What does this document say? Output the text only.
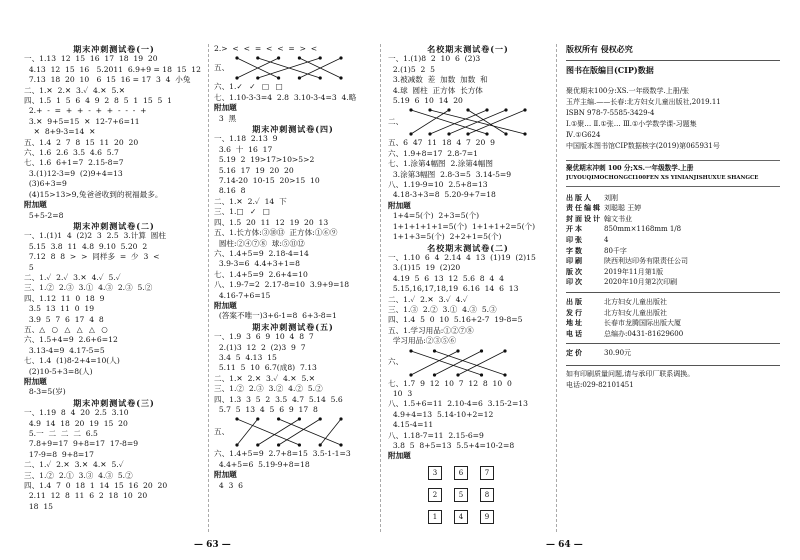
期末冲刺测试卷(一)
一、1.13  12  15  16  17  18  19  20
4.13  12  15  16   5.2011  6.9+9 = 18  15  12
7.13  18  20  10   6  15  16 = 17  3  4  小兔
二、1.✕  2.✕  3.✓  4.✕  5.✕
四、1.5  1  5  6  4  9  2  8  5  1  15  5  1
2.+  -  =  +  +  -  +  +  -  -  -  +
3.✕  9+5=15  ✕  12-7+6=11
✕  8+9-3=14  ✕
五、1.4  2  7  8  15  11  20  20
六、1.6  2.6  3.5  4.6  5.7
七、1.6  6+1=7  2.15-8=7
3.(1)12-3=9  (2)9+4=13
(3)6+3=9
(4)15>13>9,兔爸爸收到的祝福最多。
附加题
5+5-2=8
期末冲刺测试卷(二)
一、1.(1)1  4  (2)2  3  2.5  3.计算  圆柱
5.15  3.8  11  4.8  9.10  5.20  2
7.12  8  8  >  >  同样多  =  少  3  <
5
二、1.✓  2.✓  3.✕  4.✓  5.✓
三、1.②  2.③  3.①  4.③  2.③  5.②
四、1.12  11  0  18  9
3.5  13  11  0  19
3.9  5  7  6  17  4  8
五、△ ○ △ △ △ ○
六、1.5+4=9  2.6+6=12
3.13-4=9  4.17-5=5
七、1.4  (1)8-2+4=10(人)
(2)10-5+3=8(人)
附加题
8-3=5(岁)
期末冲刺测试卷(三)
一、1.19  8  4  20  2.5  3.10
4.9  14  18  20  19  15  20
5.一  二  二  二  6.5
7.8+9=17  9+8=17  17-8=9
17-9=8  9+8=17
二、1.✓  2.✕  3.✕  4.✕  5.✓
三、1.②  2.①  3.③  4.③  5.②
四、1.4  7  0  18  1  14  15  16  20  20
2.11  12  8  11  6  2  18  10  20
18  15
2.>  <  <  =  <  <  =  >  <
五、
六、1.✓ ✓ □ □
七、1.10-3-3=4  2.8  3.10-3-4=3  4.略
附加题
3  黑
期末冲刺测试卷(四)
一、1.18  2.13  9
3.6  十  16  17
5.19  2  19>17>10>5>2
5.16  17  19  20  20
7.14-20  10-15  20>15  10
8.16  8
二、1.✕  2.✓  14  下
三、1.□ ✓ □
四、1.5  20  11  12  19  20  13
五、1.长方体:③⑩⑬  正方体:①⑥⑨
圆柱:②④⑦⑧  球:⑤⑪⑫
六、1.4+5=9  2.18-4=14
3.9-3=6  4.4+3+1=8
七、1.4+5=9  2.6+4=10
八、1.9-7=2  2.17-8=10  3.9+9=18
4.16-7+6=15
附加题
(答案不唯一)3+6-1=8  6+3-8=1
期末冲刺测试卷(五)
一、1.9  3  6  9  10  4  8  7
2.(1)3  12  2  (2)3  9  7
3.4  5  4.13  15
5.11  5  10  6.7(成8)  7.13
二、1.✕  2.✕  3.✓  4.✕  5.✕
三、1.②  2.③  3.②  4.②  5.②
四、1.3  3  5  2  3.5  4.7  5.14  5.6
5.7  5  13  4  5  6  9  17  8
五、
六、1.4+5=9  2.7+8=15  3.5-1-1=3
4.4+5=6  5.19-9+8=18
附加题
4  3  6
名校期末测试卷(一)
一、1.(1)8  2  10  6  (2)3
2.(1)5  2  5
3.被减数  差  加数  加数  和
4.球  圆柱  正方体  长方体
5.19  6  10  14  20
二、
五、6  47  11  18  4  7  20  9
六、1.9+8=17  2.8-7=1
七、1.涂第4幅图  2.涂第4幅图
3.涂第3幅图  2.8-3=5  3.14-5=9
八、1.19-9=10  2.5+8=13
4.18-3+3=8  5.20-9+7=18
附加题
1+4=5(个)  2+3=5(个)
1+1+1+1+1=5(个)  1+1+1+2=5(个)
1+1+3=5(个)  2+2+1=5(个)
名校期末测试卷(二)
一、1.10  6  4  2.14  4  13  (1)19  (2)15
3.(1)15  19  (2)20
4.19  5  6  13  12  5.6  8  4  4
5.15,16,17,18,19  6.16  14  6  13
二、1.✓  2.✕  3.✓  4.✓
三、1.③  2.②  3.①  4.③  5.③
四、1.4  5  0  10  5.16+2-7  19-8=5
五、1.学习用品:①②⑦⑧
学习用品:②③⑤⑥
六、
七、1.7  9  12  10  7  12  8  10  0
10  3
八、1.5+6=11  2.10-4=6  3.15-2=13
4.9+4=13  5.14-10+2=12
4.15-4=11
八、1.18-7=11  2.15-6=9
3.8  5  8+5=13  5.5+4=10-2=8
附加题
3	6	7
2	5	8
1	4	9
版权所有 侵权必究
图书在版编目(CIP)数据
聚优期末100分:XS.一年级数学.上册/张
玉芹主编.——长春:北方妇女儿童出版社,2019.11
ISBN 978-7-5585-3429-4
Ⅰ.①聚… Ⅱ.①张… Ⅲ.①小学数学课-习题集
Ⅳ.①G624
中国版本图书馆CIP数据核字(2019)第065931号
聚优期末冲刺 100 分;XS.一年级数学.上册
JUYOUQIMOCHONGCI100FEN XS YINIANJISHUXUE SHANGCE
出版人	刘刚
责任编辑 刘聪聪 王婷
封面设计 翰文书业
开本	850mm×1168mm 1/8
印张	4
字数	80千字
印刷	陕西利达印务有限责任公司
版次	2019年11月第1版
印次	2020年10月第2次印刷
出版	北方妇女儿童出版社
发行	北方妇女儿童出版社
地址	长春市龙腾国际出版大厦
电话	总编办:0431-81629600
定价	30.90元
如有印刷质量问题,请与承印厂联系调换。
电话:029-82101451
— 63 —	— 64 —
